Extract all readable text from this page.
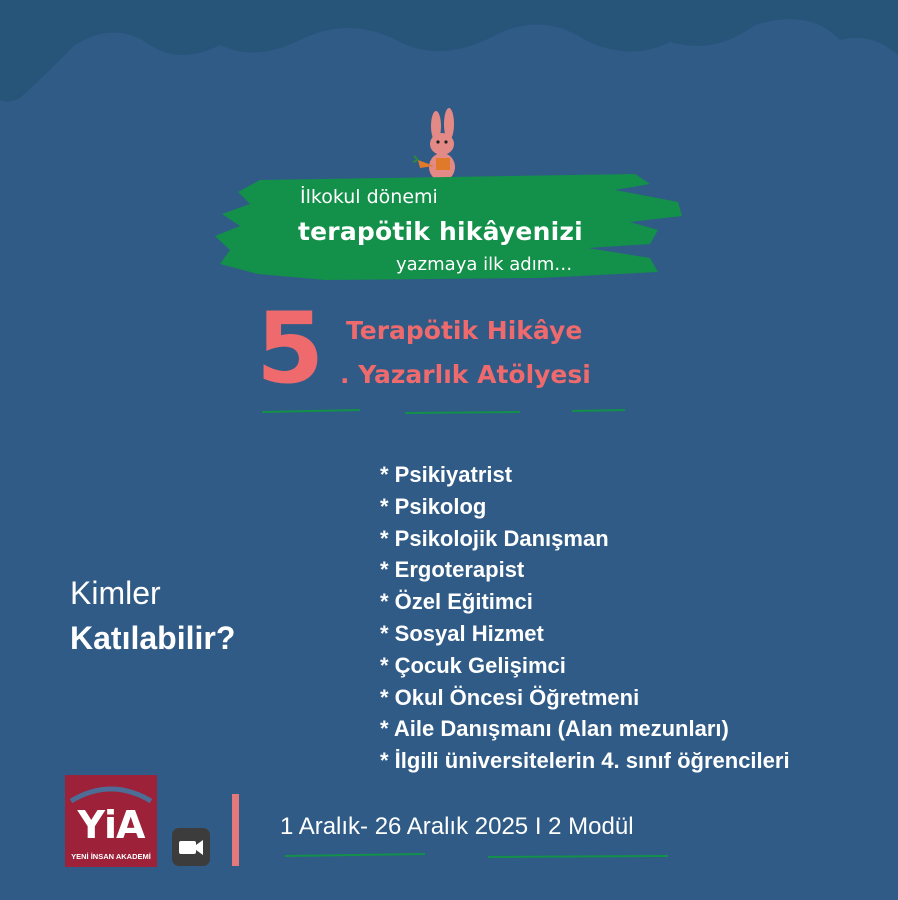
İlkokul dönemi
terapötik hikâyenizi
yazmaya ilk adım…
5 Terapötik Hikâye
. Yazarlık Atölyesi
Kimler
Katılabilir?
* Psikiyatrist
* Psikolog
* Psikolojik Danışman
* Ergoterapist
* Özel Eğitimci
* Sosyal Hizmet
* Çocuk Gelişimci
* Okul Öncesi Öğretmeni
* Aile Danışmanı (Alan mezunları)
* İlgili üniversitelerin 4. sınıf öğrencileri
YiA
YENİ İNSAN AKADEMİ
1 Aralık- 26 Aralık 2025 I 2 Modül
